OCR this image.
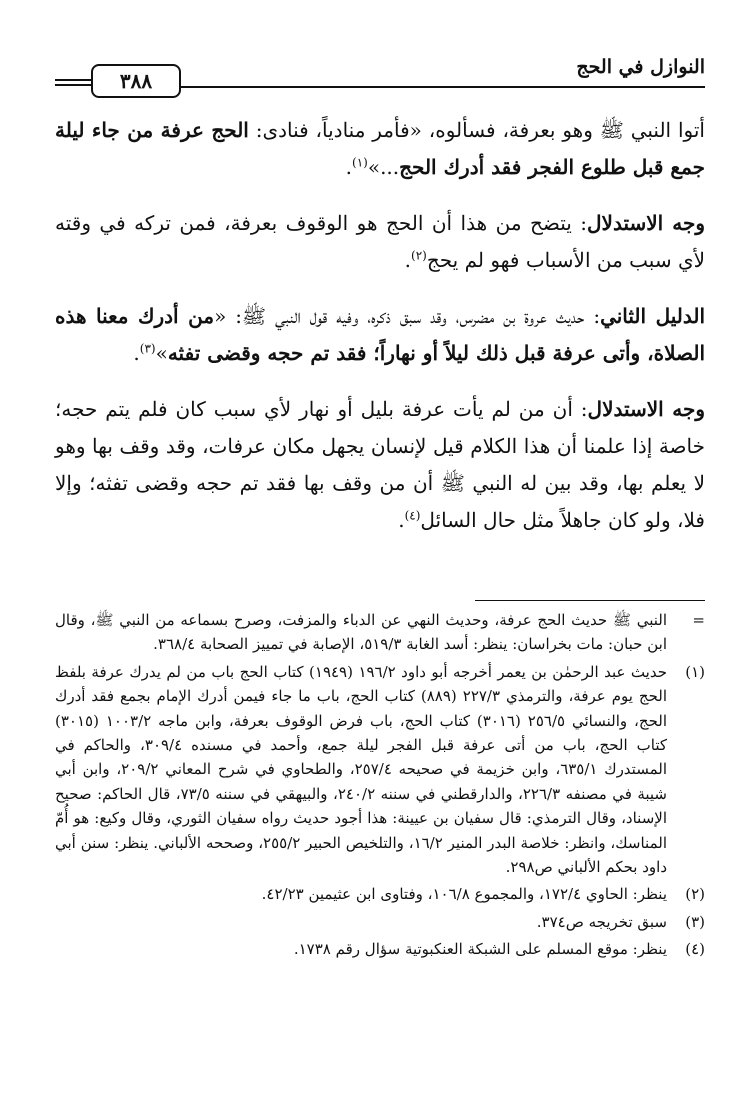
النوازل في الحج
٣٨٨

أتوا النبي ﷺ وهو بعرفة، فسألوه، «فأمر منادياً، فنادى: الحج عرفة من جاء ليلة جمع قبل طلوع الفجر فقد أدرك الحج...»$^{(١)}$.

وجه الاستدلال: يتضح من هذا أن الحج هو الوقوف بعرفة، فمن تركه في وقته لأي سبب من الأسباب فهو لم يحج$^{(٢)}$.

الدليل الثاني: حديث عروة بن مضرس، وقد سبق ذكره، وفيه قول النبي ﷺ: «من أدرك معنا هذه الصلاة، وأتى عرفة قبل ذلك ليلاً أو نهاراً؛ فقد تم حجه وقضى تفثه»$^{(٣)}$.

وجه الاستدلال: أن من لم يأت عرفة بليل أو نهار لأي سبب كان فلم يتم حجه؛ خاصة إذا علمنا أن هذا الكلام قيل لإنسان يجهل مكان عرفات، وقد وقف بها وهو لا يعلم بها، وقد بين له النبي ﷺ أن من وقف بها فقد تم حجه وقضى تفثه؛ وإلا فلا، ولو كان جاهلاً مثل حال السائل$^{(٤)}$.

=
النبي ﷺ حديث الحج عرفة، وحديث النهي عن الدباء والمزفت، وصرح بسماعه من النبي ﷺ، وقال ابن حبان: مات بخراسان: ينظر: أسد الغابة ٥١٩/٣، الإصابة في تمييز الصحابة ٣٦٨/٤.
(١)
حديث عبد الرحمٰن بن يعمر أخرجه أبو داود ١٩٦/٢ (١٩٤٩) كتاب الحج باب من لم يدرك عرفة بلفظ الحج يوم عرفة، والترمذي ٢٢٧/٣ (٨٨٩) كتاب الحج، باب ما جاء فيمن أدرك الإمام بجمع فقد أدرك الحج، والنسائي ٢٥٦/٥ (٣٠١٦) كتاب الحج، باب فرض الوقوف بعرفة، وابن ماجه ١٠٠٣/٢ (٣٠١٥) كتاب الحج، باب من أتى عرفة قبل الفجر ليلة جمع، وأحمد في مسنده ٣٠٩/٤، والحاكم في المستدرك ٦٣٥/١، وابن خزيمة في صحيحه ٢٥٧/٤، والطحاوي في شرح المعاني ٢٠٩/٢، وابن أبي شيبة في مصنفه ٢٢٦/٣، والدارقطني في سننه ٢٤٠/٢، والبيهقي في سننه ٧٣/٥، قال الحاكم: صحيح الإسناد، وقال الترمذي: قال سفيان بن عيينة: هذا أجود حديث رواه سفيان الثوري، وقال وكيع: هو أُمّ المناسك، وانظر: خلاصة البدر المنير ١٦/٢، والتلخيص الحبير ٢٥٥/٢، وصححه الألباني. ينظر: سنن أبي داود بحكم الألباني ص٢٩٨.
(٢)
ينظر: الحاوي ١٧٢/٤، والمجموع ١٠٦/٨، وفتاوى ابن عثيمين ٤٢/٢٣.
(٣)
سبق تخريجه ص٣٧٤.
(٤)
ينظر: موقع المسلم على الشبكة العنكبوتية سؤال رقم ١٧٣٨.
